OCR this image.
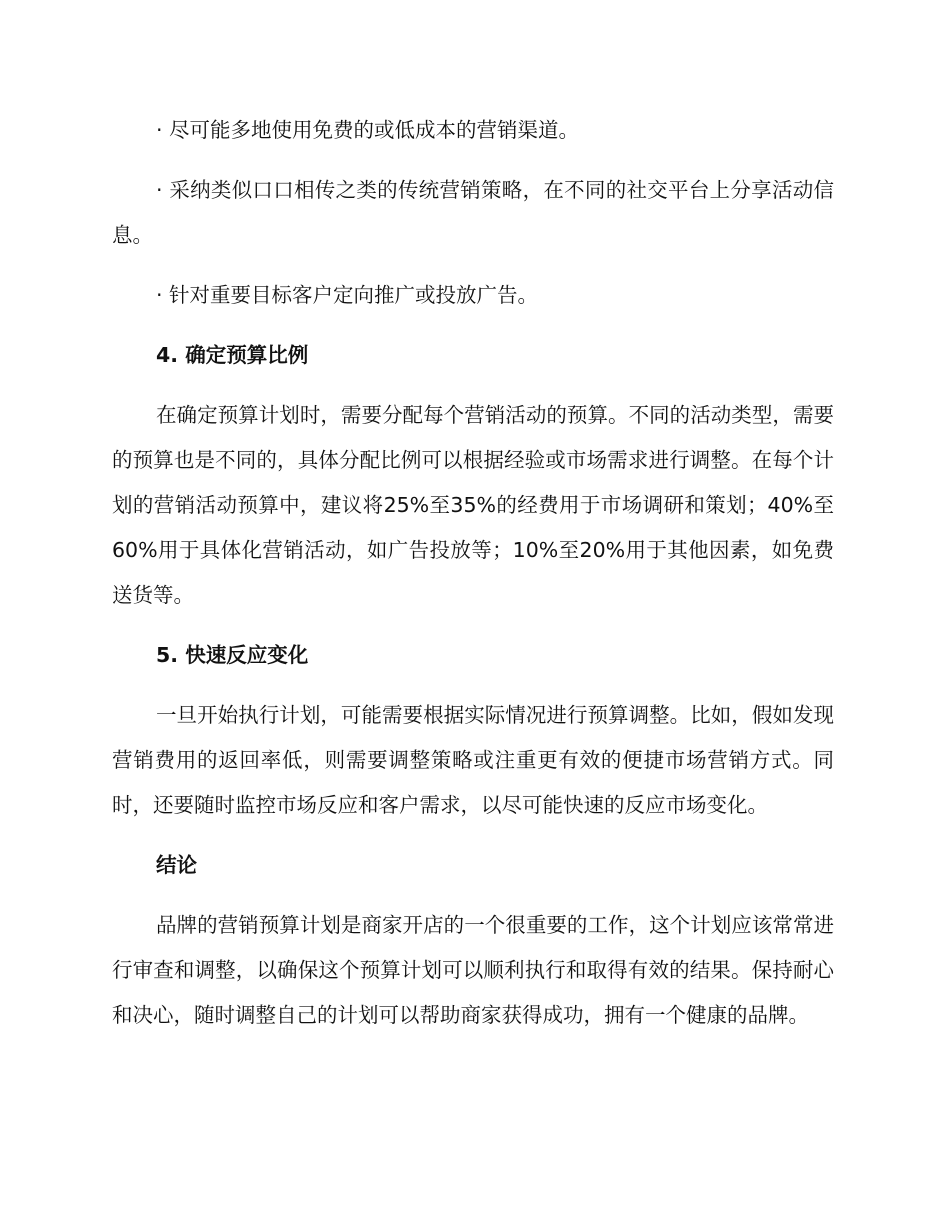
· 尽可能多地使用免费的或低成本的营销渠道。

· 采纳类似口口相传之类的传统营销策略，在不同的社交平台上分享活动信息。

· 针对重要目标客户定向推广或投放广告。

4. 确定预算比例

在确定预算计划时，需要分配每个营销活动的预算。不同的活动类型，需要的预算也是不同的，具体分配比例可以根据经验或市场需求进行调整。在每个计划的营销活动预算中，建议将25%至35%的经费用于市场调研和策划；40%至60%用于具体化营销活动，如广告投放等；10%至20%用于其他因素，如免费送货等。

5. 快速反应变化

一旦开始执行计划，可能需要根据实际情况进行预算调整。比如，假如发现营销费用的返回率低，则需要调整策略或注重更有效的便捷市场营销方式。同时，还要随时监控市场反应和客户需求，以尽可能快速的反应市场变化。

结论

品牌的营销预算计划是商家开店的一个很重要的工作，这个计划应该常常进行审查和调整，以确保这个预算计划可以顺利执行和取得有效的结果。保持耐心和决心，随时调整自己的计划可以帮助商家获得成功，拥有一个健康的品牌。
